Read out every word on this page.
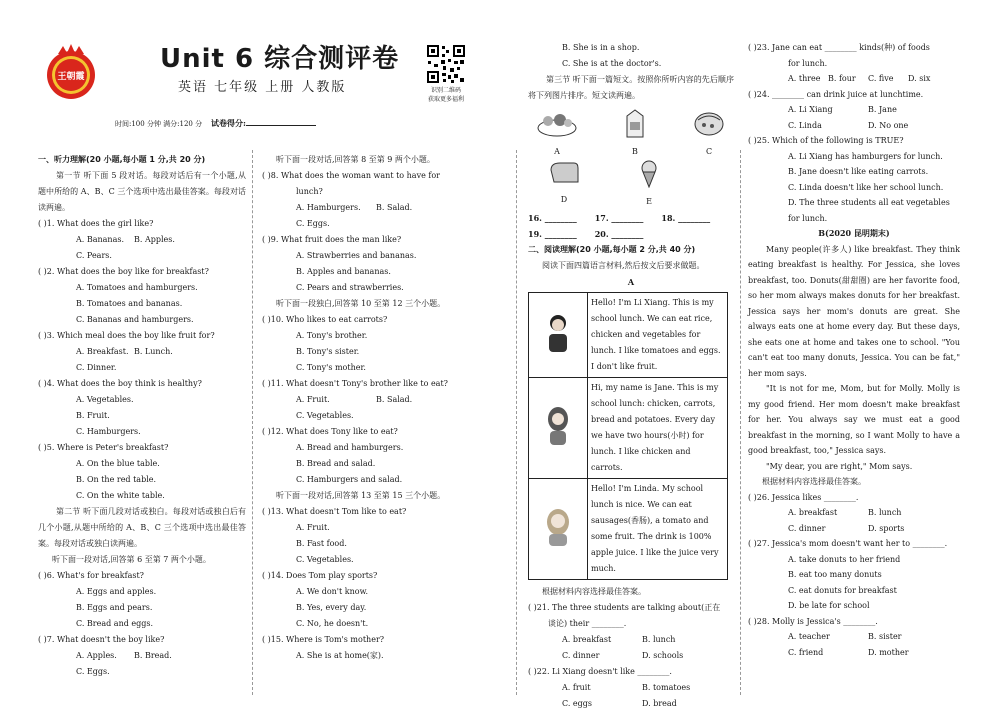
王朝霞
Unit 6 综合测评卷
英语 七年级 上册 人教版	识别二维码
获取更多福利
时间:100 分钟 满分:120 分 试卷得分:

一、听力理解(20 小题,每小题 1 分,共 20 分)

第一节 听下面 5 段对话。每段对话后有一个小题,从题中所给的 A、B、C 三个选项中选出最佳答案。每段对话读两遍。

( )1. What does the girl like?

A. Bananas. B. Apples.C. Pears.

( )2. What does the boy like for breakfast?

A. Tomatoes and hamburgers.

B. Tomatoes and bananas.

C. Bananas and hamburgers.

( )3. Which meal does the boy like fruit for?

A. Breakfast. B. Lunch.C. Dinner.

( )4. What does the boy think is healthy?

A. Vegetables.

B. Fruit.

C. Hamburgers.

( )5. Where is Peter's breakfast?

A. On the blue table.

B. On the red table.

C. On the white table.

第二节 听下面几段对话或独白。每段对话或独白后有几个小题,从题中所给的 A、B、C 三个选项中选出最佳答案。每段对话或独白读两遍。

听下面一段对话,回答第 6 至第 7 两个小题。

( )6. What's for breakfast?

A. Eggs and apples.

B. Eggs and pears.

C. Bread and eggs.

( )7. What doesn't the boy like?

A. Apples. B. Bread.C. Eggs.

听下面一段对话,回答第 8 至第 9 两个小题。

( )8. What does the woman want to have for

lunch?

A. Hamburgers. B. Salad.

C. Eggs.

( )9. What fruit does the man like?

A. Strawberries and bananas.

B. Apples and bananas.

C. Pears and strawberries.

听下面一段独白,回答第 10 至第 12 三个小题。

( )10. Who likes to eat carrots?

A. Tony's brother.

B. Tony's sister.

C. Tony's mother.

( )11. What doesn't Tony's brother like to eat?

A. Fruit.	B. Salad.

C. Vegetables.

( )12. What does Tony like to eat?

A. Bread and hamburgers.

B. Bread and salad.

C. Hamburgers and salad.

听下面一段对话,回答第 13 至第 15 三个小题。

( )13. What doesn't Tom like to eat?

A. Fruit.

B. Fast food.

C. Vegetables.

( )14. Does Tom play sports?

A. We don't know.

B. Yes, every day.

C. No, he doesn't.

( )15. Where is Tom's mother?

A. She is at home(家).

B. She is in a shop.

C. She is at the doctor's.

第三节 听下面一篇短文。按照你所听内容的先后顺序将下列图片排序。短文读两遍。

A	B	C
D	E

16. ________ 17. ________ 18. ________

19. ________ 20. ________

二、阅读理解(20 小题,每小题 2 分,共 40 分)

阅读下面四篇语言材料,然后按文后要求做题。

A

	Hello! I'm Li Xiang. This is my school lunch. We can eat rice, chicken and vegetables for lunch. I like tomatoes and eggs. I don't like fruit.
	Hi, my name is Jane. This is my school lunch: chicken, carrots, bread and potatoes. Every day we have two hours(小时) for lunch. I like chicken and carrots.
	Hello! I'm Linda. My school lunch is nice. We can eat sausages(香肠), a tomato and some fruit. The drink is 100% apple juice. I like the juice very much.

根据材料内容选择最佳答案。

( )21. The three students are talking about(正在

谈论) their ________.

A. breakfast	B. lunch

C. dinner	D. schools

( )22. Li Xiang doesn't like ________.

A. fruit	B. tomatoes

C. eggs	D. bread

( )23. Jane can eat ________ kinds(种) of foods

for lunch.

A. three B. four C. five D. six

( )24. ________ can drink juice at lunchtime.

A. Li Xiang	B. Jane

C. Linda	D. No one

( )25. Which of the following is TRUE?

A. Li Xiang has hamburgers for lunch.

B. Jane doesn't like eating carrots.

C. Linda doesn't like her school lunch.

D. The three students all eat vegetables for lunch.

B(2020 昆明期末)

Many people(许多人) like breakfast. They think eating breakfast is healthy. For Jessica, she loves breakfast, too. Donuts(甜甜圈) are her favorite food, so her mom always makes donuts for her breakfast. Jessica says her mom's donuts are great. She always eats one at home every day. But these days, she eats one at home and takes one to school. "You can't eat too many donuts, Jessica. You can be fat," her mom says.

"It is not for me, Mom, but for Molly. Molly is my good friend. Her mom doesn't make breakfast for her. You always say we must eat a good breakfast in the morning, so I want Molly to have a good breakfast, too," Jessica says.

"My dear, you are right," Mom says.

根据材料内容选择最佳答案。

( )26. Jessica likes ________.

A. breakfast	B. lunch

C. dinner	D. sports

( )27. Jessica's mom doesn't want her to ________.

A. take donuts to her friend

B. eat too many donuts

C. eat donuts for breakfast

D. be late for school

( )28. Molly is Jessica's ________.

A. teacher	B. sister

C. friend	D. mother
